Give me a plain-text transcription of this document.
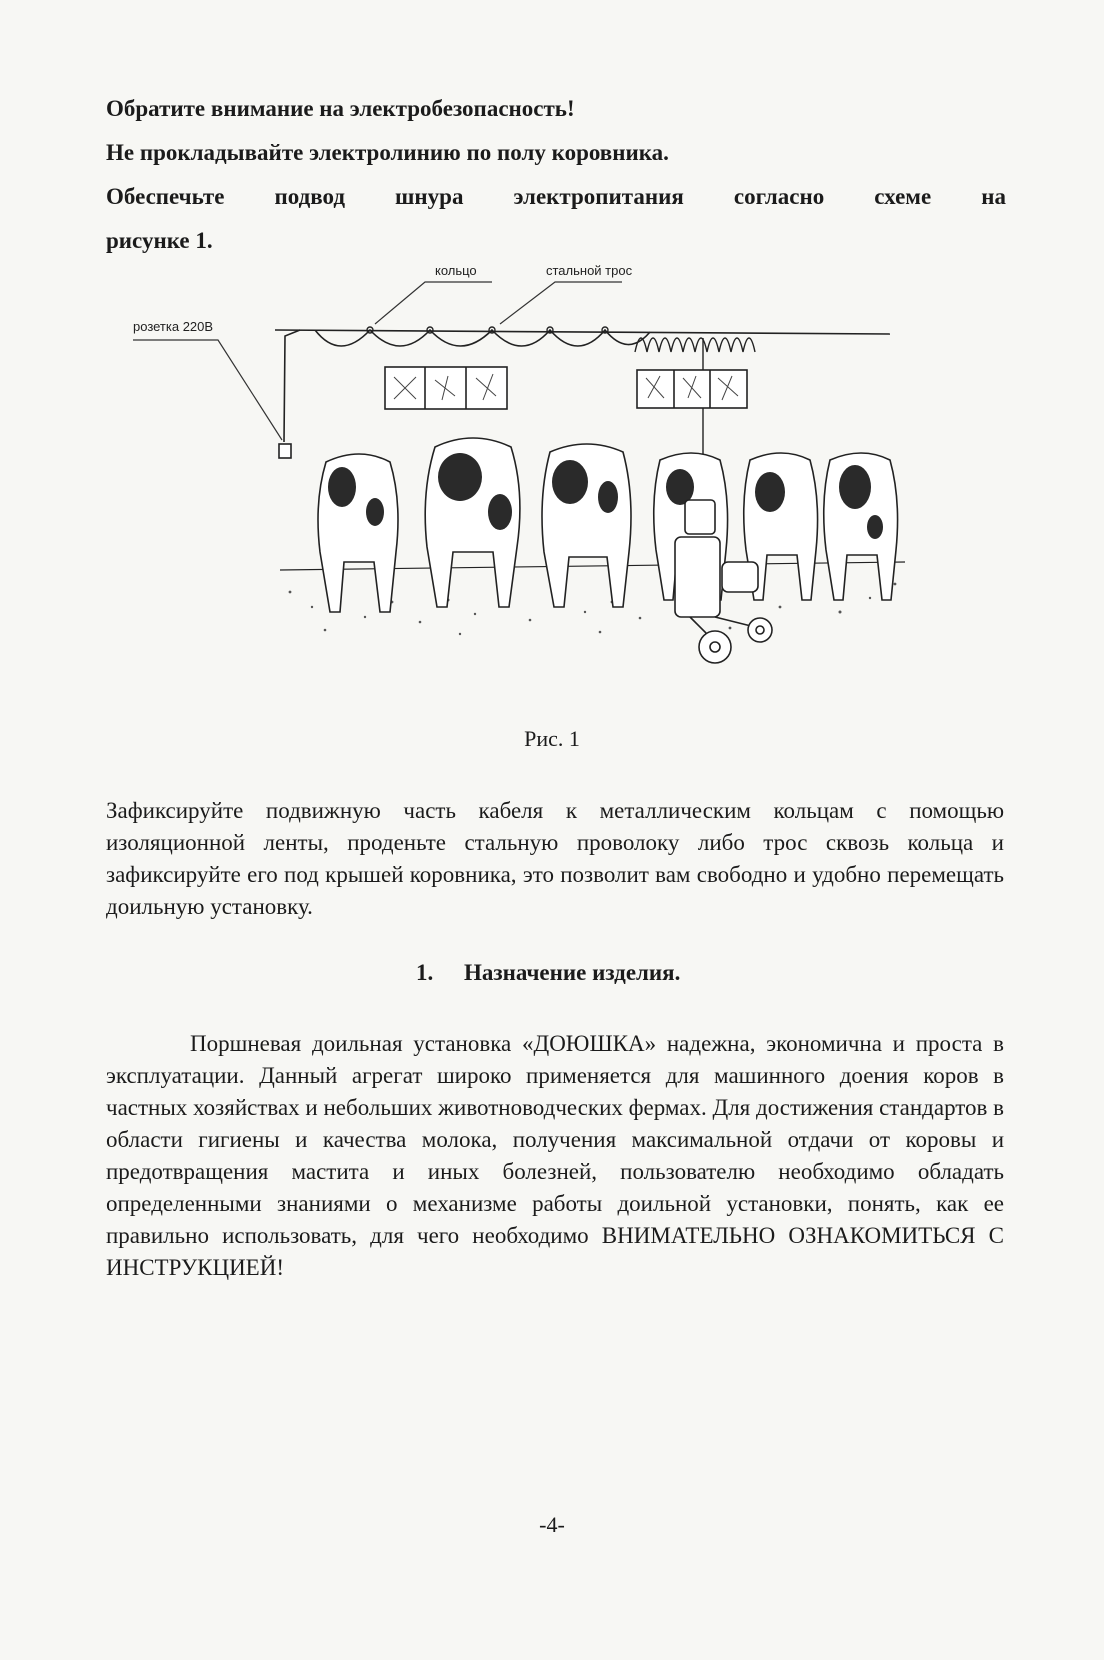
Обратите внимание на электробезопасность!

Не прокладывайте электролинию по полу коровника.

Обеспечьте подвод шнура электропитания согласно схеме на

рисунке 1.

кольцо	стальной трос
розетка 220В
Рис. 1

Зафиксируйте подвижную часть кабеля к металлическим кольцам с помощью изоляционной ленты, проденьте стальную проволоку либо трос сквозь кольца и зафиксируйте его под крышей коровника, это позволит вам свободно и удобно перемещать доильную установку.

1. Назначение изделия.

Поршневая доильная установка «ДОЮШКА» надежна, экономична и проста в эксплуатации. Данный агрегат широко применяется для машинного доения коров в частных хозяйствах и небольших животноводческих фермах. Для достижения стандартов в области гигиены и качества молока, получения максимальной отдачи от коровы и предотвращения мастита и иных болезней, пользователю необходимо обладать определенными знаниями о механизме работы доильной установки, понять, как ее правильно использовать, для чего необходимо ВНИМАТЕЛЬНО ОЗНАКОМИТЬСЯ С ИНСТРУКЦИЕЙ!

-4-
